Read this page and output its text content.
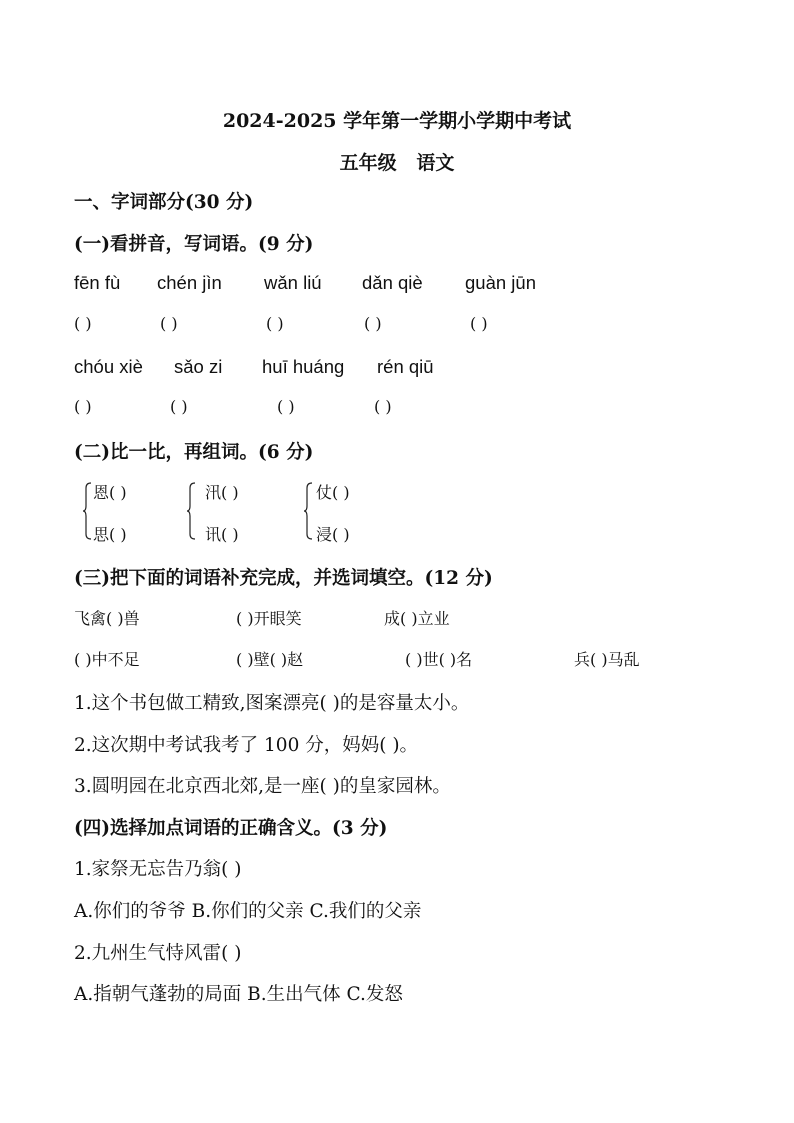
2024-2025 学年第一学期小学期中考试
五年级   语文
一、字词部分(30 分)
(一)看拼音，写词语。(9 分)
fēn fù chén jìn wǎn liú dǎn qiè guàn jūn
( )	( )	( )	( )	( )
chóu xiè sǎo zi huī huáng rén qiū
( )	( )	( )	( )
(二)比一比，再组词。(6 分)
恩( )
思( )
汛( )
讯( )
仗( )
浸( )
(三)把下面的词语补充完成，并选词填空。(12 分)
飞禽( )兽	( )开眼笑	成( )立业
( )中不足	( )壁( )赵	( )世( )名	兵( )马乱
1.这个书包做工精致,图案漂亮( )的是容量太小。
2.这次期中考试我考了 100 分，妈妈( )。
3.圆明园在北京西北郊,是一座( )的皇家园林。
(四)选择加点词语的正确含义。(3 分)
1.家祭无忘告乃翁( )
A.你们的爷爷 B.你们的父亲 C.我们的父亲
2.九州生气恃风雷( )
A.指朝气蓬勃的局面 B.生出气体 C.发怒
